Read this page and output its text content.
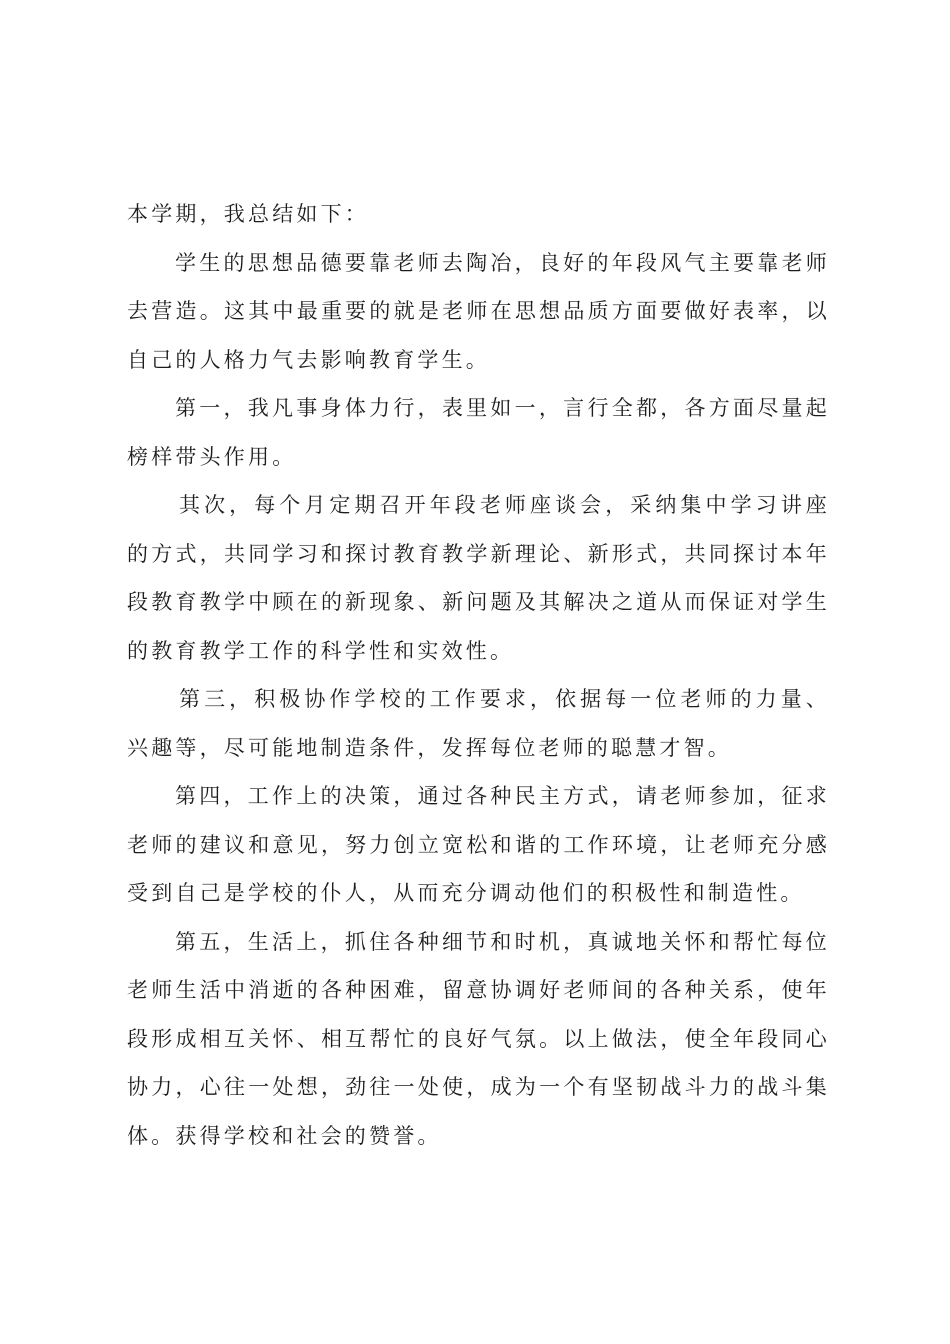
本学期，我总结如下：

学生的思想品德要靠老师去陶冶，良好的年段风气主要靠老师去营造。这其中最重要的就是老师在思想品质方面要做好表率，以自己的人格力气去影响教育学生。

第一，我凡事身体力行，表里如一，言行全都，各方面尽量起榜样带头作用。

其次，每个月定期召开年段老师座谈会，采纳集中学习讲座的方式，共同学习和探讨教育教学新理论、新形式，共同探讨本年段教育教学中顾在的新现象、新问题及其解决之道从而保证对学生的教育教学工作的科学性和实效性。

第三，积极协作学校的工作要求，依据每一位老师的力量、兴趣等，尽可能地制造条件，发挥每位老师的聪慧才智。

第四，工作上的决策，通过各种民主方式，请老师参加，征求老师的建议和意见，努力创立宽松和谐的工作环境，让老师充分感受到自己是学校的仆人，从而充分调动他们的积极性和制造性。

第五，生活上，抓住各种细节和时机，真诚地关怀和帮忙每位老师生活中消逝的各种困难，留意协调好老师间的各种关系，使年段形成相互关怀、相互帮忙的良好气氛。以上做法，使全年段同心协力，心往一处想，劲往一处使，成为一个有坚韧战斗力的战斗集体。获得学校和社会的赞誉。
